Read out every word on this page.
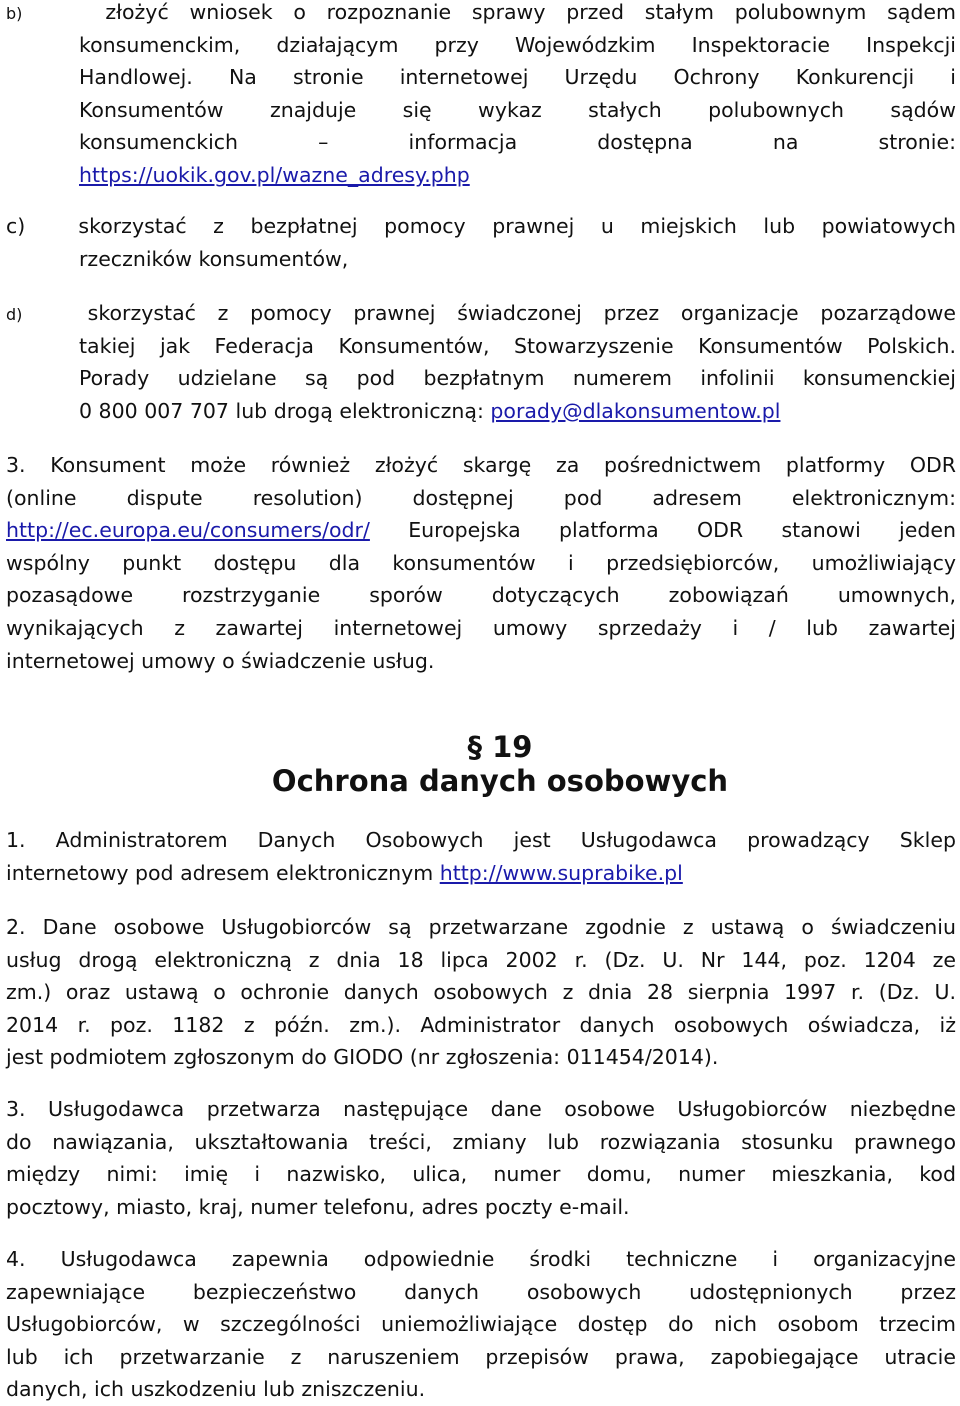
b)	złożyć wniosek o rozpoznanie sprawy przed stałym polubownym sądem
konsumenckim, działającym przy Wojewódzkim Inspektoracie Inspekcji
Handlowej. Na stronie internetowej Urzędu Ochrony Konkurencji i
Konsumentów znajduje się wykaz stałych polubownych sądów
konsumenckich – informacja dostępna na stronie:
https://uokik.gov.pl/wazne_adresy.php
c)	skorzystać z bezpłatnej pomocy prawnej u miejskich lub powiatowych
rzeczników konsumentów,
d)	skorzystać z pomocy prawnej świadczonej przez organizacje pozarządowe
takiej jak Federacja Konsumentów, Stowarzyszenie Konsumentów Polskich.
Porady udzielane są pod bezpłatnym numerem infolinii konsumenckiej
0 800 007 707 lub drogą elektroniczną: porady@dlakonsumentow.pl
3. Konsument może również złożyć skargę za pośrednictwem platformy ODR
(online dispute resolution) dostępnej pod adresem elektronicznym:
http://ec.europa.eu/consumers/odr/ Europejska platforma ODR stanowi jeden
wspólny punkt dostępu dla konsumentów i przedsiębiorców, umożliwiający
pozasądowe rozstrzyganie sporów dotyczących zobowiązań umownych,
wynikających z zawartej internetowej umowy sprzedaży i / lub zawartej
internetowej umowy o świadczenie usług.
§ 19
Ochrona danych osobowych
1. Administratorem Danych Osobowych jest Usługodawca prowadzący Sklep
internetowy pod adresem elektronicznym http://www.suprabike.pl
2. Dane osobowe Usługobiorców są przetwarzane zgodnie z ustawą o świadczeniu
usług drogą elektroniczną z dnia 18 lipca 2002 r. (Dz. U. Nr 144, poz. 1204 ze
zm.) oraz ustawą o ochronie danych osobowych z dnia 28 sierpnia 1997 r. (Dz. U.
2014 r. poz. 1182 z późn. zm.). Administrator danych osobowych oświadcza, iż
jest podmiotem zgłoszonym do GIODO (nr zgłoszenia: 011454/2014).
3. Usługodawca przetwarza następujące dane osobowe Usługobiorców niezbędne
do nawiązania, ukształtowania treści, zmiany lub rozwiązania stosunku prawnego
między nimi: imię i nazwisko, ulica, numer domu, numer mieszkania, kod
pocztowy, miasto, kraj, numer telefonu, adres poczty e-mail.
4. Usługodawca zapewnia odpowiednie środki techniczne i organizacyjne
zapewniające bezpieczeństwo danych osobowych udostępnionych przez
Usługobiorców, w szczególności uniemożliwiające dostęp do nich osobom trzecim
lub ich przetwarzanie z naruszeniem przepisów prawa, zapobiegające utracie
danych, ich uszkodzeniu lub zniszczeniu.
